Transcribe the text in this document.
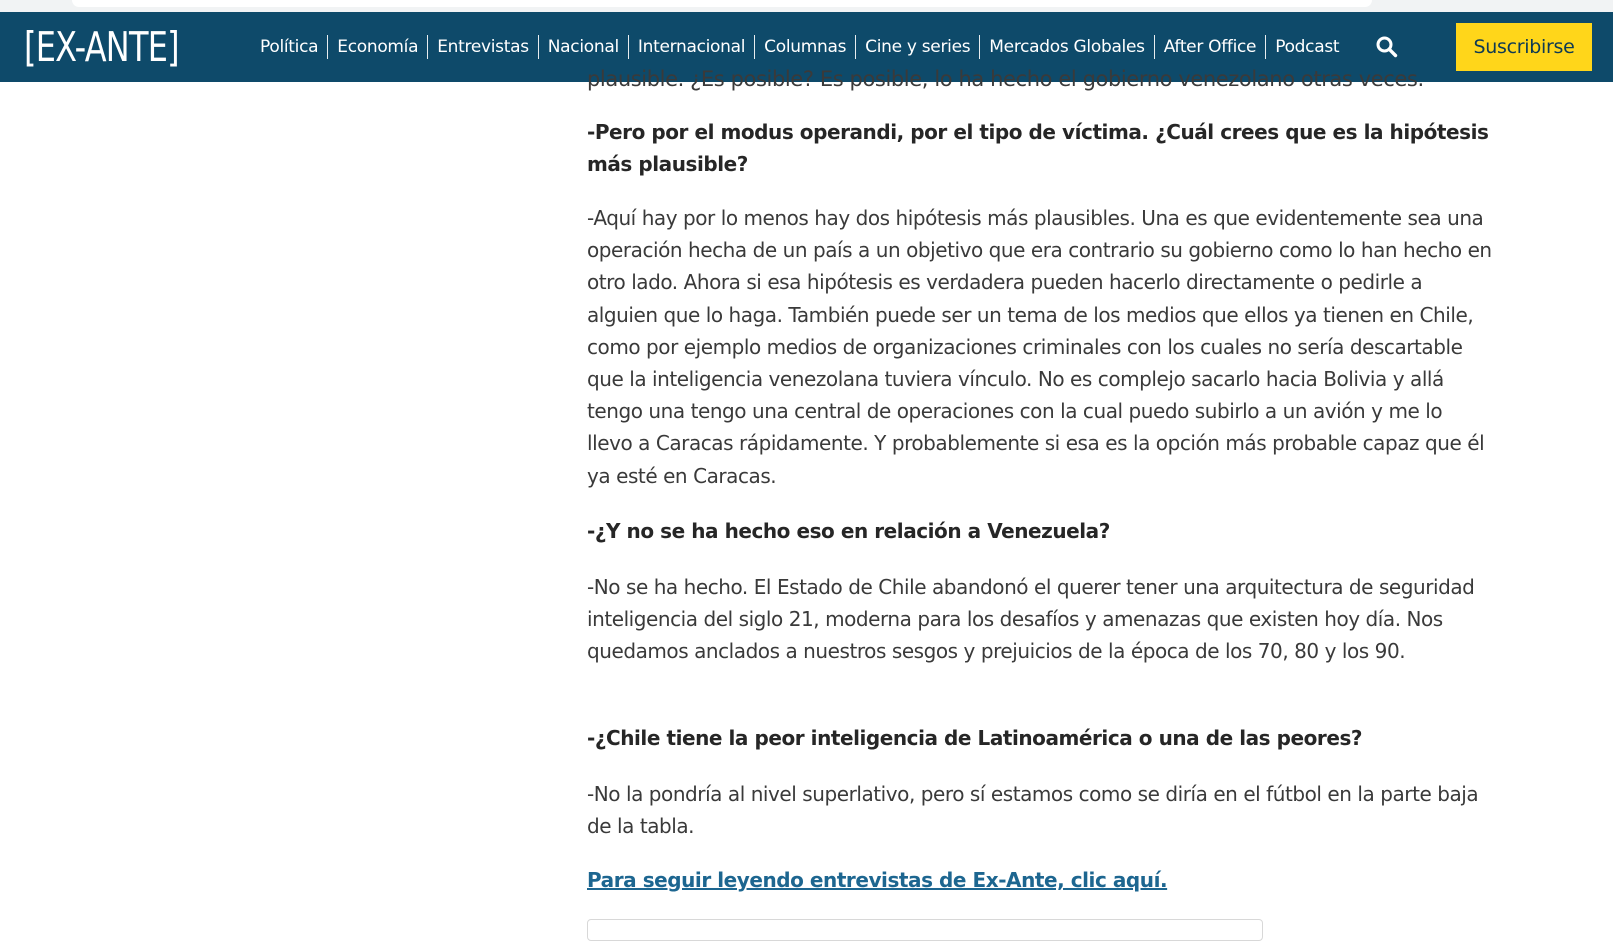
[EX-ANTE]	Política	Economía	Entrevistas	Nacional	Internacional	Columnas	Cine y series	Mercados Globales	After Office	Podcast	Suscribirse

plausible. ¿Es posible? Es posible, lo ha hecho el gobierno venezolano otras veces.

-Pero por el modus operandi, por el tipo de víctima. ¿Cuál crees que es la hipótesis más plausible?

-Aquí hay por lo menos hay dos hipótesis más plausibles. Una es que evidentemente sea una operación hecha de un país a un objetivo que era contrario su gobierno como lo han hecho en otro lado. Ahora si esa hipótesis es verdadera pueden hacerlo directamente o pedirle a alguien que lo haga. También puede ser un tema de los medios que ellos ya tienen en Chile, como por ejemplo medios de organizaciones criminales con los cuales no sería descartable que la inteligencia venezolana tuviera vínculo. No es complejo sacarlo hacia Bolivia y allá tengo una tengo una central de operaciones con la cual puedo subirlo a un avión y me lo llevo a Caracas rápidamente. Y probablemente si esa es la opción más probable capaz que él ya esté en Caracas.

-¿Y no se ha hecho eso en relación a Venezuela?

-No se ha hecho. El Estado de Chile abandonó el querer tener una arquitectura de seguridad inteligencia del siglo 21, moderna para los desafíos y amenazas que existen hoy día. Nos quedamos anclados a nuestros sesgos y prejuicios de la época de los 70, 80 y los 90.

-¿Chile tiene la peor inteligencia de Latinoamérica o una de las peores?

-No la pondría al nivel superlativo, pero sí estamos como se diría en el fútbol en la parte baja de la tabla.

Para seguir leyendo entrevistas de Ex-Ante, clic aquí.
